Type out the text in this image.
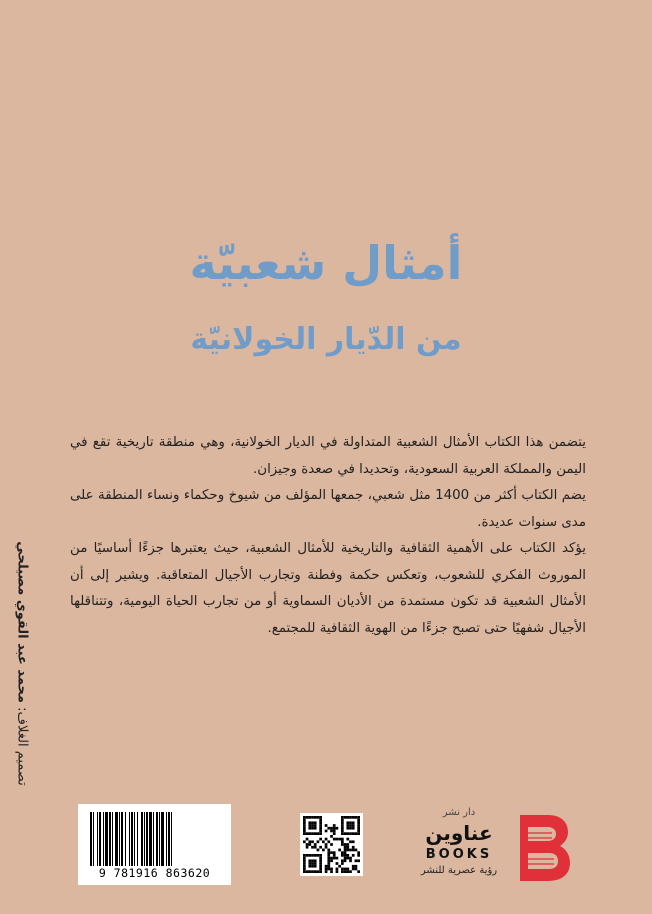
أمثال شعبيّة
من الدّيار الخولانيّة

يتضمن هذا الكتاب الأمثال الشعبية المتداولة في الديار الخولانية، وهي منطقة تاريخية تقع في اليمن والمملكة العربية السعودية، وتحديدا في صعدة وجيزان.

يضم الكتاب أكثر من 1400 مثل شعبي، جمعها المؤلف من شيوخ وحكماء ونساء المنطقة على مدى سنوات عديدة.

يؤكد الكتاب على الأهمية الثقافية والتاريخية للأمثال الشعبية، حيث يعتبرها جزءًا أساسيًا من الموروث الفكري للشعوب، وتعكس حكمة وفطنة وتجارب الأجيال المتعاقبة. ويشير إلى أن الأمثال الشعبية قد تكون مستمدة من الأديان السماوية أو من تجارب الحياة اليومية، وتتناقلها الأجيال شفهيًا حتى تصبح جزءًا من الهوية الثقافية للمجتمع.

تصميم الغلاف: محمد عبد القوي مصيلحي
9 781916 863620
دار نشر
عناوين
BOOKS
رؤية عصرية للنشر
